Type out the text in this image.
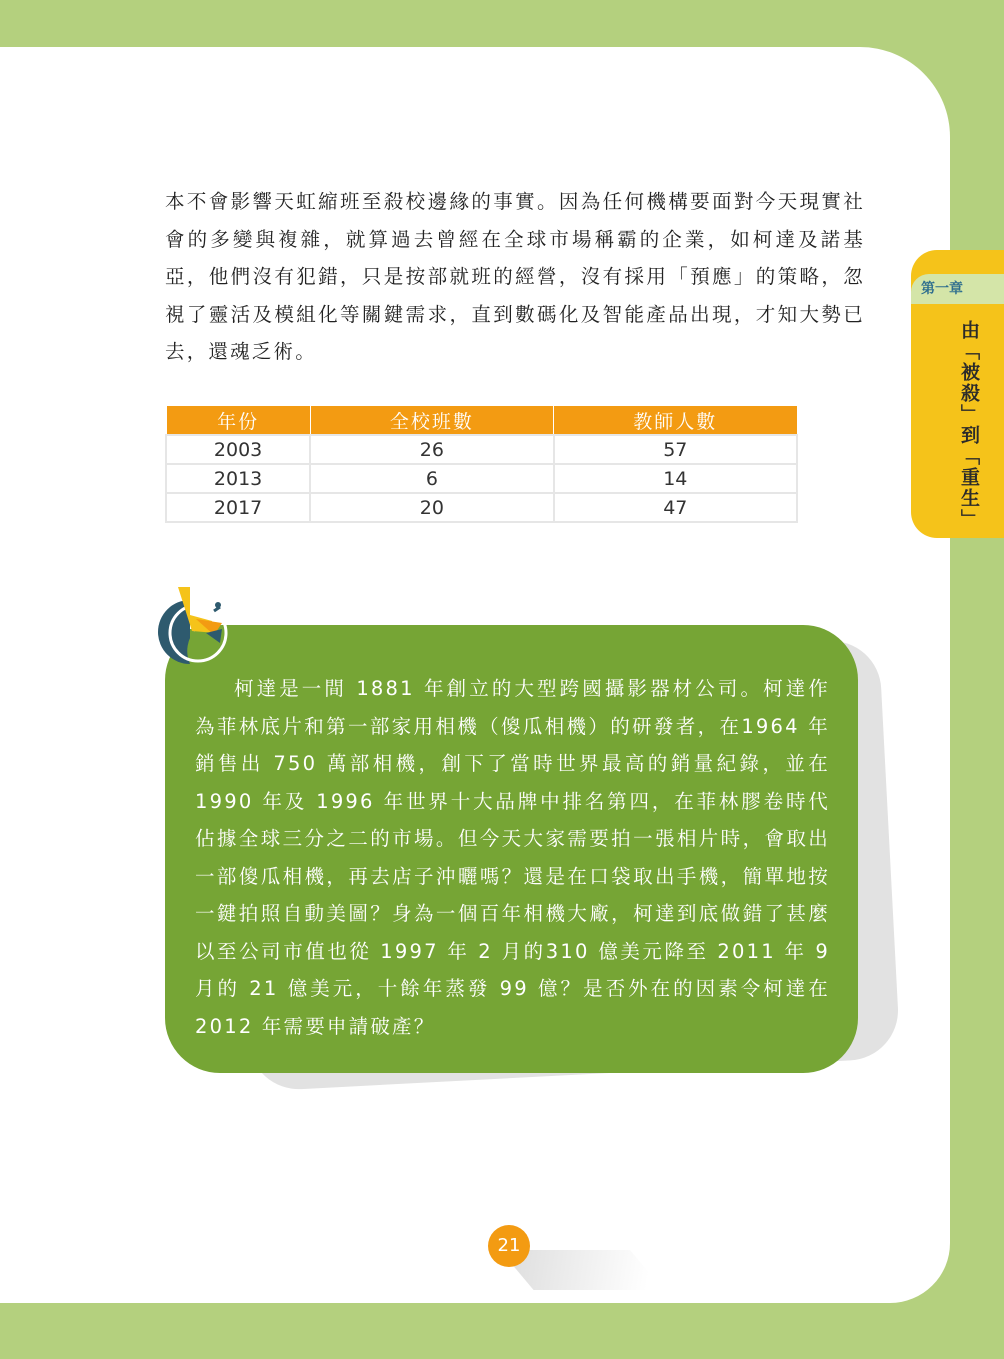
第一章
由「被殺」到「重生」
本不會影響天虹縮班至殺校邊緣的事實。因為任何機構要面對今天現實社會的多變與複雜，就算過去曾經在全球市場稱霸的企業，如柯達及諾基亞，他們沒有犯錯，只是按部就班的經營，沒有採用「預應」的策略，忽視了靈活及模組化等關鍵需求，直到數碼化及智能產品出現，才知大勢已去，還魂乏術。
年份	全校班數	教師人數
2003	26	57
2013	6	14
2017	20	47
柯達是一間 1881 年創立的大型跨國攝影器材公司。柯達作為菲林底片和第一部家用相機（傻瓜相機）的研發者，在1964 年銷售出 750 萬部相機，創下了當時世界最高的銷量紀錄，並在 1990 年及 1996 年世界十大品牌中排名第四，在菲林膠卷時代佔據全球三分之二的市場。但今天大家需要拍一張相片時，會取出一部傻瓜相機，再去店子沖曬嗎？還是在口袋取出手機，簡單地按一鍵拍照自動美圖？身為一個百年相機大廠，柯達到底做錯了甚麼以至公司市值也從 1997 年 2 月的310 億美元降至 2011 年 9 月的 21 億美元，十餘年蒸發 99 億？是否外在的因素令柯達在 2012 年需要申請破產？
21
